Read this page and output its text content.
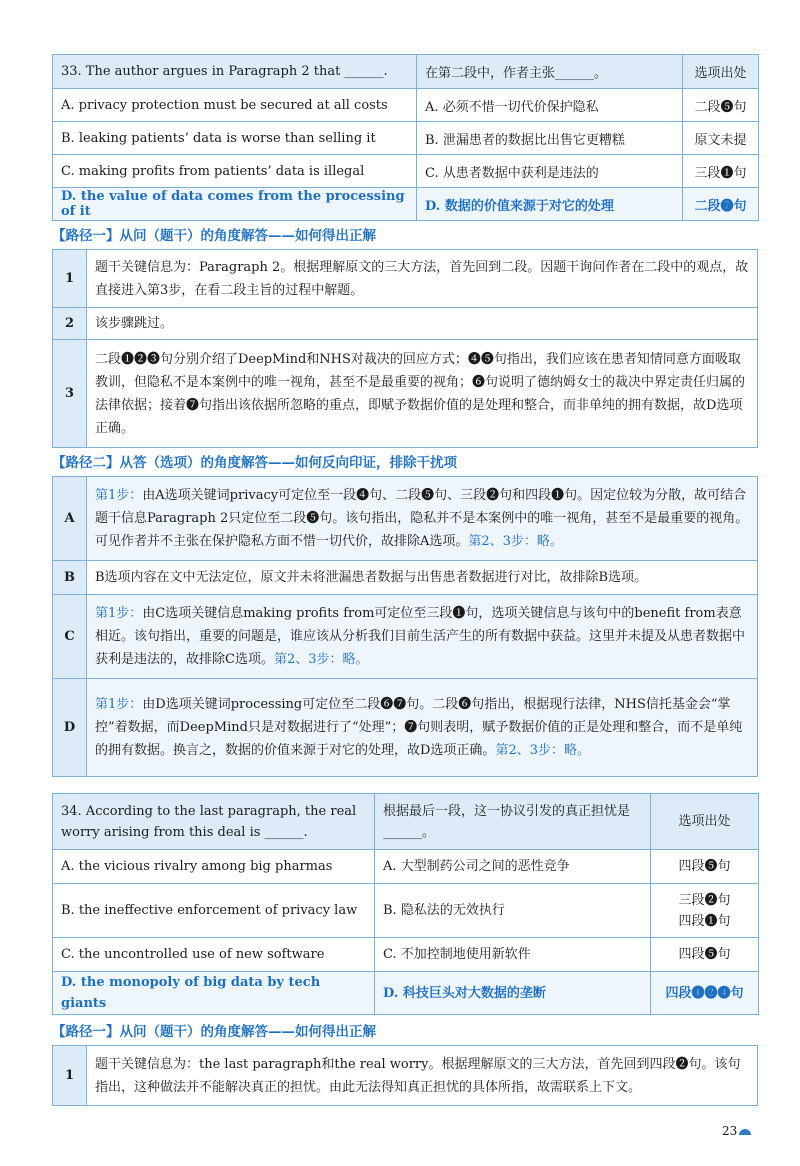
33. The author argues in Paragraph 2 that ______.	在第二段中，作者主张______。	选项出处
A. privacy protection must be secured at all costs	A. 必须不惜一切代价保护隐私	二段❺句
B. leaking patients’ data is worse than selling it	B. 泄漏患者的数据比出售它更糟糕	原文未提
C. making profits from patients’ data is illegal	C. 从患者数据中获利是违法的	三段❶句
D. the value of data comes from the processing of it	D. 数据的价值来源于对它的处理	二段❼句

【路径一】从问（题干）的角度解答——如何得出正解

1	题干关键信息为：Paragraph 2。根据理解原文的三大方法，首先回到二段。因题干询问作者在二段中的观点，故直接进入第3步，在看二段主旨的过程中解题。
2	该步骤跳过。
3	二段❶❷❸句分别介绍了DeepMind和NHS对裁决的回应方式；❹❺句指出，我们应该在患者知情同意方面吸取教训，但隐私不是本案例中的唯一视角，甚至不是最重要的视角；❻句说明了德纳姆女士的裁决中界定责任归属的法律依据；接着❼句指出该依据所忽略的重点，即赋予数据价值的是处理和整合，而非单纯的拥有数据，故D选项正确。

【路径二】从答（选项）的角度解答——如何反向印证，排除干扰项

A	第1步：由A选项关键词privacy可定位至一段❹句、二段❺句、三段❷句和四段❶句。因定位较为分散，故可结合题干信息Paragraph 2只定位至二段❺句。该句指出，隐私并不是本案例中的唯一视角，甚至不是最重要的视角。可见作者并不主张在保护隐私方面不惜一切代价，故排除A选项。第2、3步：略。
B	B选项内容在文中无法定位，原文并未将泄漏患者数据与出售患者数据进行对比，故排除B选项。
C	第1步：由C选项关键信息making profits from可定位至三段❶句，选项关键信息与该句中的benefit from表意相近。该句指出，重要的问题是，谁应该从分析我们目前生活产生的所有数据中获益。这里并未提及从患者数据中获利是违法的，故排除C选项。第2、3步：略。
D	第1步：由D选项关键词processing可定位至二段❻❼句。二段❻句指出，根据现行法律，NHS信托基金会“掌控”着数据，而DeepMind只是对数据进行了“处理”；❼句则表明，赋予数据价值的正是处理和整合，而不是单纯的拥有数据。换言之，数据的价值来源于对它的处理，故D选项正确。第2、3步：略。
34. According to the last paragraph, the real worry arising from this deal is ______.	根据最后一段，这一协议引发的真正担忧是______。	选项出处
A. the vicious rivalry among big pharmas	A. 大型制药公司之间的恶性竞争	四段❺句
B. the ineffective enforcement of privacy law	B. 隐私法的无效执行	三段❷句
四段❶句

C. the uncontrolled use of new software	C. 不加控制地使用新软件	四段❺句
D. the monopoly of big data by tech giants	D. 科技巨头对大数据的垄断	四段❶❷❹句

【路径一】从问（题干）的角度解答——如何得出正解

1	题干关键信息为：the last paragraph和the real worry。根据理解原文的三大方法，首先回到四段❷句。该句指出，这种做法并不能解决真正的担忧。由此无法得知真正担忧的具体所指，故需联系上下文。
23
